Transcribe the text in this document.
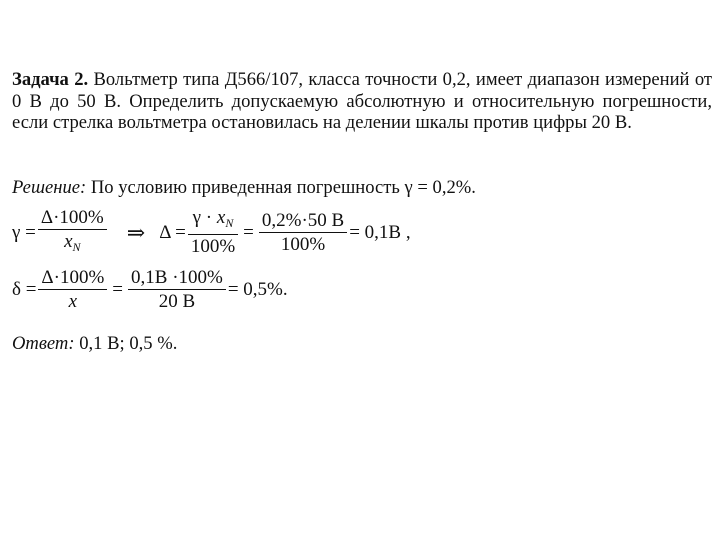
Задача 2. Вольтметр типа Д566/107, класса точности 0,2, имеет диапазон измерений от 0 В до 50 В. Определить допускаемую абсолютную и относительную погрешности, если стрелка вольтметра остановилась на делении шкалы против цифры 20 В.
Решение: По условию приведенная погрешность γ = 0,2%.
$\gamma = \frac{\Delta\cdot 100\%}{x_N}$ ⇒ $\Delta = \frac{\gamma \cdot x_N}{100\%} = \frac{0,2\%\cdot 50 B}{100\%} = 0,1B$ ,
$\delta = \frac{\Delta\cdot 100\%}{x} = \frac{0,1B \cdot 100\%}{20 B} = 0,5\%$.
Ответ: 0,1 В; 0,5 %.
